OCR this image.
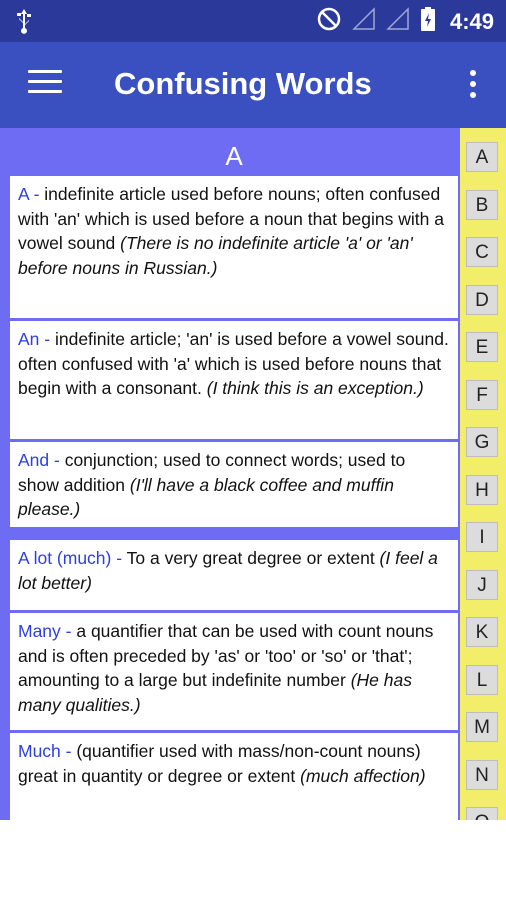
4:49
Confusing Words
A
A - indefinite article used before nouns; often confused with 'an' which is used before a noun that begins with a vowel sound (There is no indefinite article 'a' or 'an' before nouns in Russian.)
An - indefinite article; 'an' is used before a vowel sound. often confused with 'a' which is used before nouns that begin with a consonant. (I think this is an exception.)
And - conjunction; used to connect words; used to show addition (I'll have a black coffee and muffin please.)
A lot (much) - To a very great degree or extent (I feel a lot better)
Many - a quantifier that can be used with count nouns and is often preceded by 'as' or 'too' or 'so' or 'that'; amounting to a large but indefinite number (He has many qualities.)
Much - (quantifier used with mass/non-count nouns) great in quantity or degree or extent (much affection)
A
B
C
D
E
F
G
H
I
J
K
L
M
N
